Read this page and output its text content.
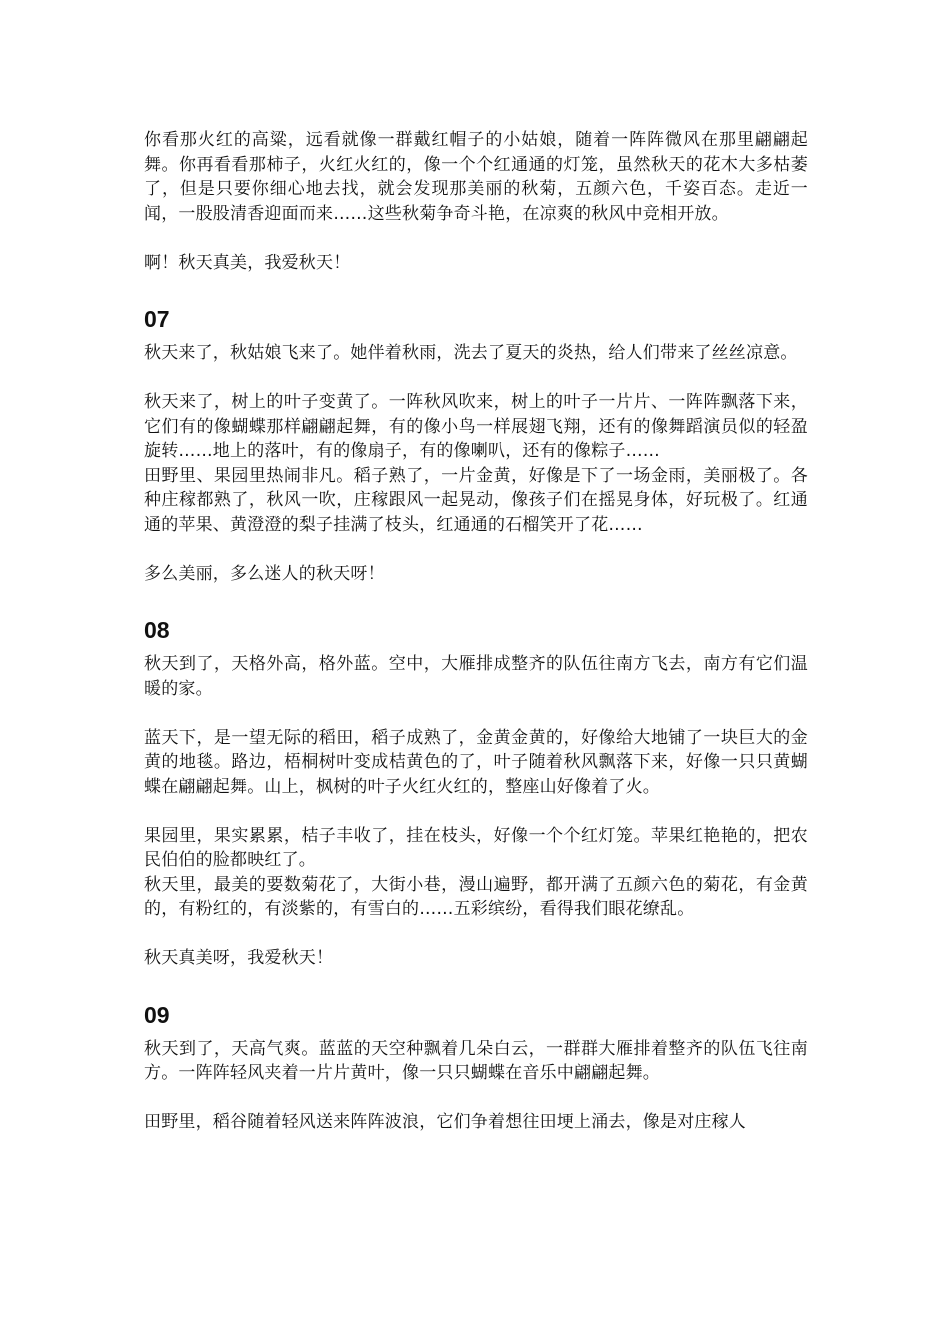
你看那火红的高粱，远看就像一群戴红帽子的小姑娘，随着一阵阵微风在那里翩翩起舞。你再看看那柿子，火红火红的，像一个个红通通的灯笼，虽然秋天的花木大多枯萎了，但是只要你细心地去找，就会发现那美丽的秋菊，五颜六色，千姿百态。走近一闻，一股股清香迎面而来……这些秋菊争奇斗艳，在凉爽的秋风中竞相开放。

啊！秋天真美，我爱秋天！

07

秋天来了，秋姑娘飞来了。她伴着秋雨，洗去了夏天的炎热，给人们带来了丝丝凉意。

秋天来了，树上的叶子变黄了。一阵秋风吹来，树上的叶子一片片、一阵阵飘落下来，它们有的像蝴蝶那样翩翩起舞，有的像小鸟一样展翅飞翔，还有的像舞蹈演员似的轻盈旋转……地上的落叶，有的像扇子，有的像喇叭，还有的像粽子……

田野里、果园里热闹非凡。稻子熟了，一片金黄，好像是下了一场金雨，美丽极了。各种庄稼都熟了，秋风一吹，庄稼跟风一起晃动，像孩子们在摇晃身体，好玩极了。红通通的苹果、黄澄澄的梨子挂满了枝头，红通通的石榴笑开了花……

多么美丽，多么迷人的秋天呀！

08

秋天到了，天格外高，格外蓝。空中，大雁排成整齐的队伍往南方飞去，南方有它们温暖的家。

蓝天下，是一望无际的稻田，稻子成熟了，金黄金黄的，好像给大地铺了一块巨大的金黄的地毯。路边，梧桐树叶变成桔黄色的了，叶子随着秋风飘落下来，好像一只只黄蝴蝶在翩翩起舞。山上，枫树的叶子火红火红的，整座山好像着了火。

果园里，果实累累，桔子丰收了，挂在枝头，好像一个个红灯笼。苹果红艳艳的，把农民伯伯的脸都映红了。

秋天里，最美的要数菊花了，大街小巷，漫山遍野，都开满了五颜六色的菊花，有金黄的，有粉红的，有淡紫的，有雪白的……五彩缤纷，看得我们眼花缭乱。

秋天真美呀，我爱秋天！

09

秋天到了，天高气爽。蓝蓝的天空种飘着几朵白云，一群群大雁排着整齐的队伍飞往南方。一阵阵轻风夹着一片片黄叶，像一只只蝴蝶在音乐中翩翩起舞。

田野里，稻谷随着轻风送来阵阵波浪，它们争着想往田埂上涌去，像是对庄稼人
